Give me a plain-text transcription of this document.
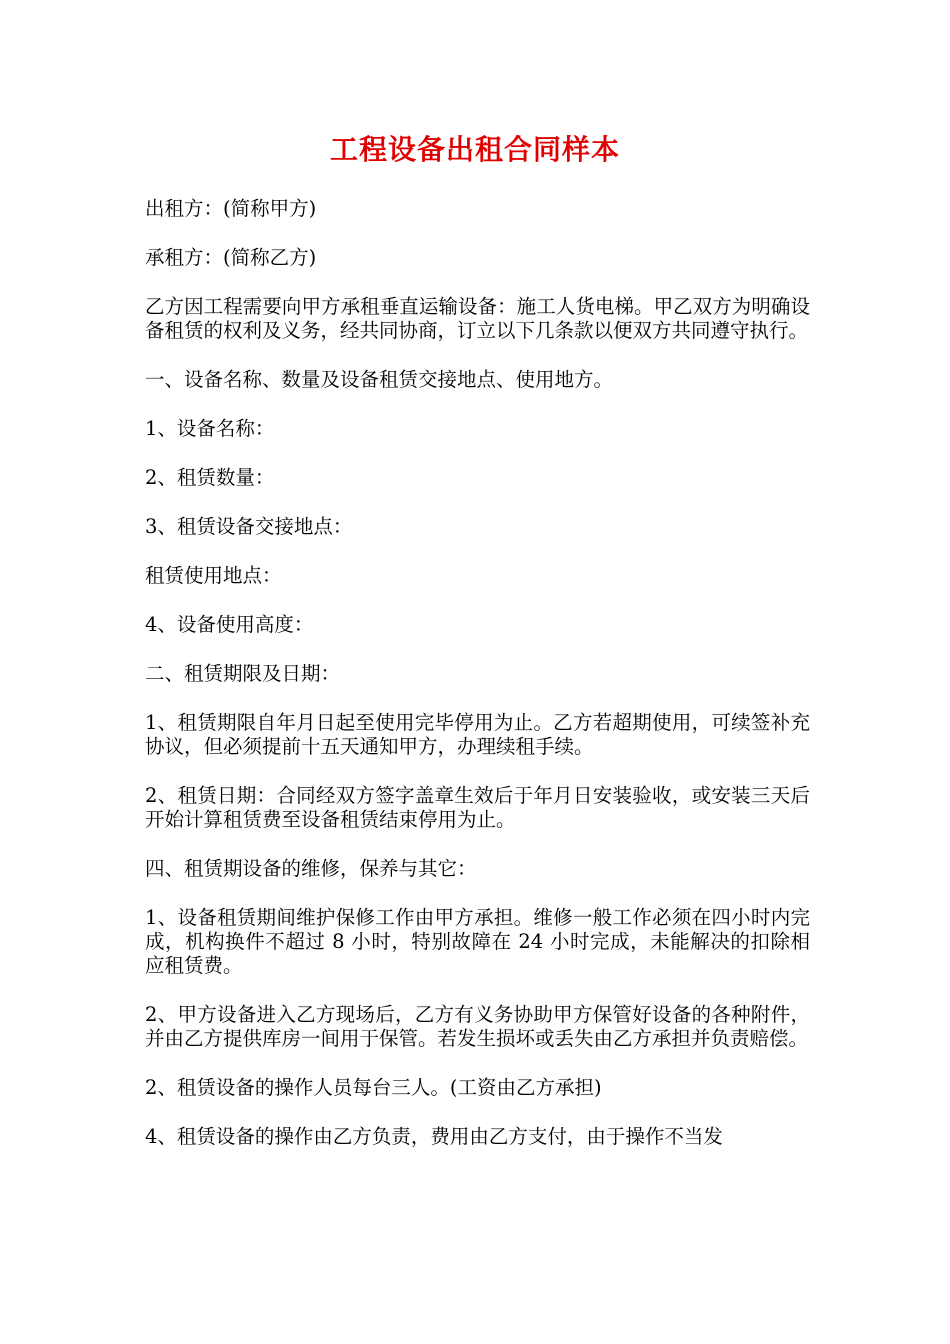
工程设备出租合同样本

出租方：(简称甲方)

承租方：(简称乙方)

乙方因工程需要向甲方承租垂直运输设备：施工人货电梯。甲乙双方为明确设备租赁的权利及义务，经共同协商，订立以下几条款以便双方共同遵守执行。

一、设备名称、数量及设备租赁交接地点、使用地方。

1、设备名称：

2、租赁数量：

3、租赁设备交接地点：

租赁使用地点：

4、设备使用高度：

二、租赁期限及日期：

1、租赁期限自年月日起至使用完毕停用为止。乙方若超期使用，可续签补充协议，但必须提前十五天通知甲方，办理续租手续。

2、租赁日期：合同经双方签字盖章生效后于年月日安装验收，或安装三天后开始计算租赁费至设备租赁结束停用为止。

四、租赁期设备的维修，保养与其它：

1、设备租赁期间维护保修工作由甲方承担。维修一般工作必须在四小时内完成，机构换件不超过 8 小时，特别故障在 24 小时完成，未能解决的扣除相应租赁费。

2、甲方设备进入乙方现场后，乙方有义务协助甲方保管好设备的各种附件，并由乙方提供库房一间用于保管。若发生损坏或丢失由乙方承担并负责赔偿。

2、租赁设备的操作人员每台三人。(工资由乙方承担)

4、租赁设备的操作由乙方负责，费用由乙方支付，由于操作不当发
